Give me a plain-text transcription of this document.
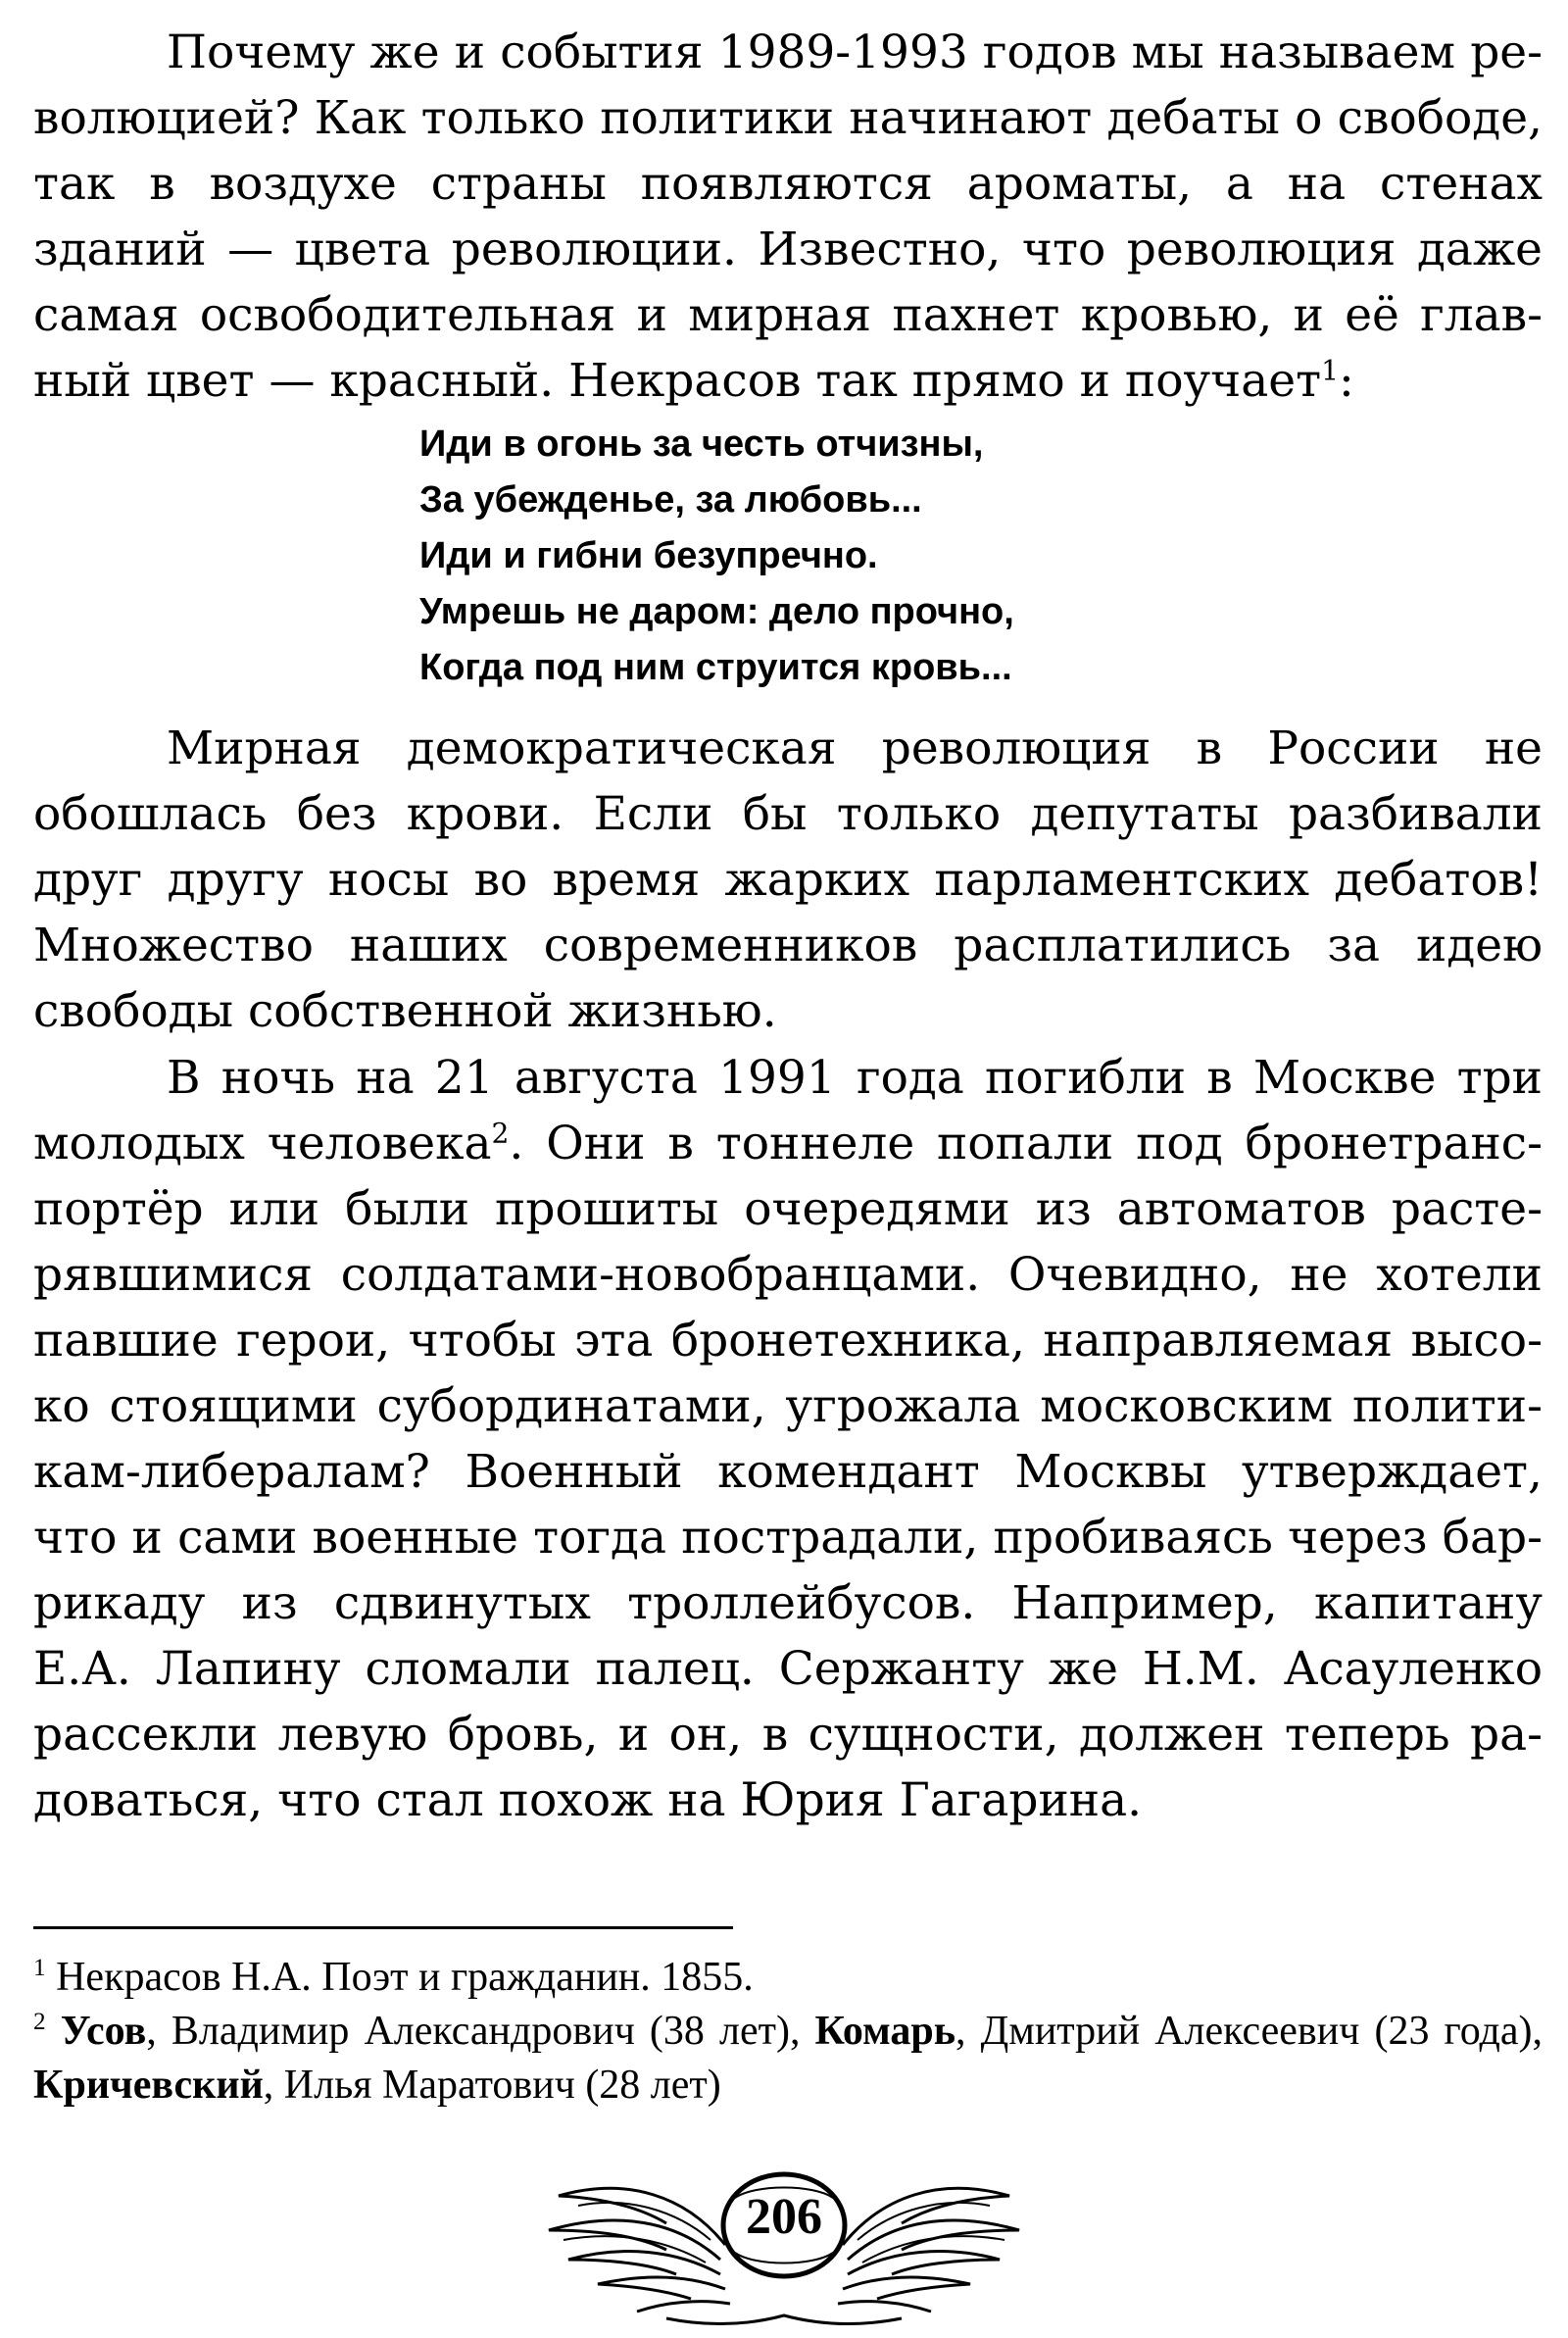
Почему же и события 1989-1993 годов мы называем революцией? Как только политики начинают дебаты о свободе, так в воздухе страны появляются ароматы, а на стенах зданий — цвета революции. Известно, что революция даже самая освободительная и мирная пахнет кровью, и её главный цвет — красный. Некрасов так прямо и поучает$^1$:

Иди в огонь за честь отчизны,
За убежденье, за любовь...
Иди и гибни безупречно.
Умрешь не даром: дело прочно,
Когда под ним струится кровь...

Мирная демократическая революция в России не обошлась без крови. Если бы только депутаты разбивали друг другу носы во время жарких парламентских дебатов! Множество наших современников расплатились за идею свободы собственной жизнью.

В ночь на 21 августа 1991 года погибли в Москве три молодых человека$^2$. Они в тоннеле попали под бронетранспортёр или были прошиты очередями из автоматов растерявшимися солдатами-новобранцами. Очевидно, не хотели павшие герои, чтобы эта бронетехника, направляемая высоко стоящими субординатами, угрожала московским политикам-либералам? Военный комендант Москвы утверждает, что и сами военные тогда пострадали, пробиваясь через баррикаду из сдвинутых троллейбусов. Например, капитану Е.А. Лапину сломали палец. Сержанту же Н.М. Асауленко рассекли левую бровь, и он, в сущности, должен теперь радоваться, что стал похож на Юрия Гагарина.

$^1$ Некрасов Н.А. Поэт и гражданин. 1855.

$^2$ Усов, Владимир Александрович (38 лет), Комарь, Дмитрий Алексеевич (23 года), Кричевский, Илья Маратович (28 лет)

206
